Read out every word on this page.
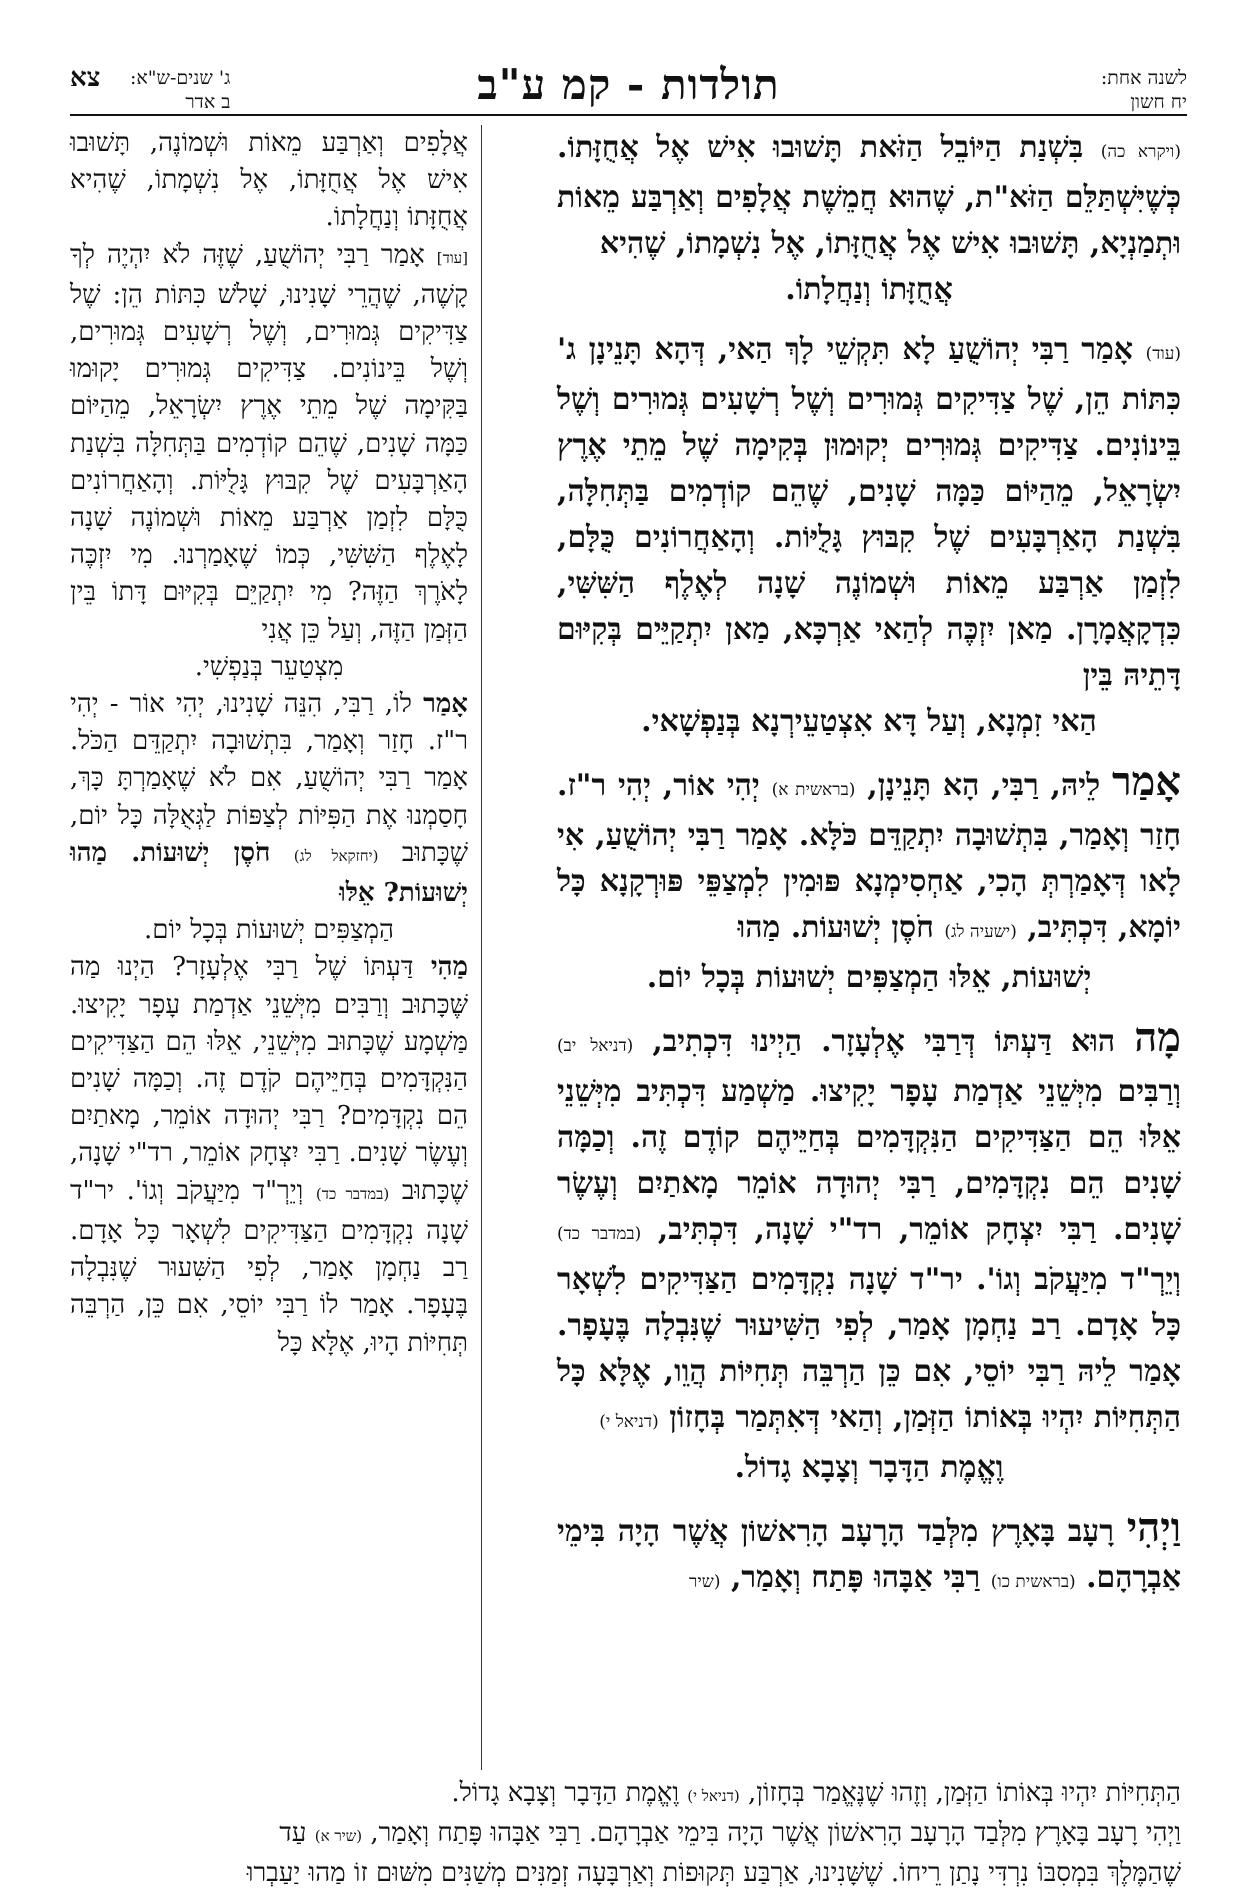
לשנה אחת:
יח חשון
תולדות - קמ ע"ב
צא ג' שנים-ש"א:
ב אדר

(ויקרא כה) בִּשְׁנַת הַיּוֹבֵל הַזֹּאת תָּשׁוּבוּ אִישׁ אֶל אֲחֻזָּתוֹ. כְּשֶׁיִּשְׁתַּלֵּם הַזֹּא"ת, שֶׁהוּא חֲמֵשֶׁת אֲלָפִים וְאַרְבַּע מֵאוֹת וּתְמַנְיָא, תָּשׁוּבוּ אִישׁ אֶל אֲחֻזָּתוֹ, אֶל נִשְׁמָתוֹ, שֶׁהִיא
אֲחֻזָּתוֹ וְנַחֲלָתוֹ.

(עוד) אָמַר רַבִּי יְהוֹשֻׁעַ לָא תִּקְשֵׁי לָךְ הַאי, דְּהָא תָּנֵינָן ג' כִּתּוֹת הֵן, שֶׁל צַדִּיקִים גְּמוּרִים וְשֶׁל רְשָׁעִים גְּמוּרִים וְשֶׁל בֵּינוֹנִים. צַדִּיקִים גְּמוּרִים יְקוּמוּן בְּקִימָה שֶׁל מֵתֵי אֶרֶץ יִשְׂרָאֵל, מֵהַיּוֹם כַּמָּה שָׁנִים, שֶׁהֵם קוֹדְמִים בַּתְּחִלָּה, בִּשְׁנַת הָאַרְבָּעִים שֶׁל קִבּוּץ גָּלֻיּוֹת. וְהָאַחֲרוֹנִים כֻּלָּם, לִזְמַן אַרְבַּע מֵאוֹת וּשְׁמוֹנֶה שָׁנָה לְאֶלֶף הַשִּׁשִּׁי, כִּדְקָאֲמָרָן. מַאן יִזְכֶּה לְהַאי אַרְכָּא, מַאן יִתְקַיֵּים בְּקִיּוּם דָּתֵיהּ בֵּין
הַאי זִמְנָא, וְעַל דָּא אִצְטַעֵירְנָא בְּנַפְשָׁאי.

אָמַר לֵיהּ, רַבִּי, הָא תָּנֵינָן, (בראשית א) יְהִי אוֹר, יְהִי ר"ז. חָזַר וְאָמַר, בִּתְשׁוּבָה יִתְקַדֵּם כֹּלָּא. אָמַר רַבִּי יְהוֹשֻׁעַ, אִי לָאו דְּאָמַרְתְּ הָכִי, אַחְסִימְנָא פּוּמִין לִמְצַפֵּי פּוּרְקָנָא כָּל יוֹמָא, דִּכְתִּיב, (ישעיה לג) חֹסֶן יְשׁוּעוֹת. מַהוּ
יְשׁוּעוֹת, אֵלּוּ הַמְצַפִּים יְשׁוּעוֹת בְּכָל יוֹם.

מָה הוּא דַּעְתּוֹ דְּרַבִּי אֶלְעָזָר. הַיְינוּ דִּכְתִיב, (דניאל יב) וְרַבִּים מִיְּשֵׁנֵי אַדְמַת עָפָר יָקִיצוּ. מַשְׁמַע דִּכְתִּיב מִיְּשֵׁנֵי אֵלּוּ הֵם הַצַּדִּיקִים הַנִּקְדָּמִים בְּחַיֵּיהֶם קוֹדֶם זֶה. וְכַמָּה שָׁנִים הֵם נִקְדָּמִים, רַבִּי יְהוּדָה אוֹמֵר מָאתַיִם וְעֶשֶׂר שָׁנִים. רַבִּי יִצְחָק אוֹמֵר, רד"י שָׁנָה, דִּכְתִּיב, (במדבר כד) וְיֵרְ"ד מִיַּעֲקֹב וְגוֹ'. יר"ד שָׁנָה נִקְדָּמִים הַצַּדִּיקִים לִשְׁאָר כָּל אָדָם. רַב נַחְמָן אָמַר, לְפִי הַשִּׁיעוּר שֶׁנִּבְלָה בֶּעָפָר. אָמַר לֵיהּ רַבִּי יוֹסֵי, אִם כֵּן הַרְבֵּה תְּחִיּוֹת הֲוֵו, אֶלָּא כָּל הַתְּחִיּוֹת יִהְיוּ בְּאוֹתוֹ הַזְּמַן, וְהַאי דְּאִתְּמַר בְּחָזוֹן (דניאל י)
וֶאֱמֶת הַדָּבָר וְצָבָא גָדוֹל.

וַיְהִי רָעָב בָּאָרֶץ מִלְּבַד הָרָעָב הָרִאשׁוֹן אֲשֶׁר הָיָה בִּימֵי אַבְרָהָם. (בראשית כו) רַבִּי אַבָּהוּ פָּתַח וְאָמַר, (שיר

אֲלָפִים וְאַרְבַּע מֵאוֹת וּשְׁמוֹנֶה, תָּשׁוּבוּ אִישׁ אֶל אֲחֻזָּתוֹ, אֶל נִשְׁמָתוֹ, שֶׁהִיא אֲחֻזָּתוֹ וְנַחֲלָתוֹ.

[עוד] אָמַר רַבִּי יְהוֹשֻׁעַ, שֶׁזֶּה לֹא יִהְיֶה לְךָ קָשֶׁה, שֶׁהֲרֵי שָׁנִינוּ, שָׁלֹשׁ כִּתּוֹת הֵן: שֶׁל צַדִּיקִים גְּמוּרִים, וְשֶׁל רְשָׁעִים גְּמוּרִים, וְשֶׁל בֵּינוֹנִים. צַדִּיקִים גְּמוּרִים יָקוּמוּ בַּקִּימָה שֶׁל מֵתֵי אֶרֶץ יִשְׂרָאֵל, מֵהַיּוֹם כַּמָּה שָׁנִים, שֶׁהֵם קוֹדְמִים בַּתְּחִלָּה בִּשְׁנַת הָאַרְבָּעִים שֶׁל קִבּוּץ גָּלֻיּוֹת. וְהָאַחֲרוֹנִים כֻּלָּם לִזְמַן אַרְבַּע מֵאוֹת וּשְׁמוֹנֶה שָׁנָה לָאֶלֶף הַשִּׁשִּׁי, כְּמוֹ שֶׁאָמַרְנוּ. מִי יִזְכֶּה לָאֹרֶךְ הַזֶּה? מִי יִתְקַיֵּם בְּקִיּוּם דָּתוֹ בֵּין הַזְּמַן הַזֶּה, וְעַל כֵּן אֲנִי
מִצְטַעֵר בְּנַפְשִׁי.

אָמַר לוֹ, רַבִּי, הִנֵּה שָׁנִינוּ, יְהִי אוֹר - יְהִי ר"ז. חָזַר וְאָמַר, בִּתְשׁוּבָה יִתְקַדֵּם הַכֹּל. אָמַר רַבִּי יְהוֹשֻׁעַ, אִם לֹא שֶׁאָמַרְתָּ כָּךְ, חָסַמְנוּ אֶת הַפִּיּוֹת לְצַפּוֹת לַגְּאֻלָּה כָּל יוֹם, שֶׁכָּתוּב (יחזקאל לג) חֹסֶן יְשׁוּעוֹת. מַהוּ יְשׁוּעוֹת? אֵלּוּ
הַמְצַפִּים יְשׁוּעוֹת בְּכָל יוֹם.

מַהִי דַּעְתּוֹ שֶׁל רַבִּי אֶלְעָזָר? הַיְנוּ מַה שֶּׁכָּתוּב וְרַבִּים מִיְּשֵׁנֵי אַדְמַת עָפָר יָקִיצוּ. מַּשְׁמָע שֶׁכָּתוּב מִיְּשֵׁנֵי, אֵלּוּ הֵם הַצַּדִּיקִים הַנִּקְדָּמִים בְּחַיֵּיהֶם קֹדֶם זֶה. וְכַמָּה שָׁנִים הֵם נִקְדָּמִים? רַבִּי יְהוּדָה אוֹמֵר, מָאתַיִם וְעֶשֶׂר שָׁנִים. רַבִּי יִצְחָק אוֹמֵר, רד"י שָׁנָה, שֶׁכָּתוּב (במדבר כד) וְיֵרְ"ד מִיַּעֲקֹב וְגוֹ'. יר"ד שָׁנָה נִקְדָּמִים הַצַּדִּיקִים לִשְׁאָר כָּל אָדָם. רַב נַחְמָן אָמַר, לְפִי הַשִּׁעוּר שֶׁנִּבְלָה בֶּעָפָר. אָמַר לוֹ רַבִּי יוֹסֵי, אִם כֵּן, הַרְבֵּה תְּחִיּוֹת הָיוּ, אֶלָּא כָּל

הַתְּחִיּוֹת יִהְיוּ בְּאוֹתוֹ הַזְּמַן, וְזֶהוּ שֶׁנֶּאֱמַר בְּחָזוֹן, (דניאל י) וֶאֱמֶת הַדָּבָר וְצָבָא גָדוֹל.

וַיְהִי רָעָב בָּאָרֶץ מִלְּבַד הָרָעָב הָרִאשׁוֹן אֲשֶׁר הָיָה בִּימֵי אַבְרָהָם. רַבִּי אַבָּהוּ פָּתַח וְאָמַר, (שיר א) עַד

שֶׁהַמֶּלֶךְ בִּמְסִבּוֹ נִרְדִּי נָתַן רֵיחוֹ. שֶׁשָּׁנִינוּ, אַרְבַּע תְּקוּפוֹת וְאַרְבָּעָה זְמַנִּים מְשַׁנִּים מִשּׁוּם זוֹ מַהוּ יַעַבְרוּ
